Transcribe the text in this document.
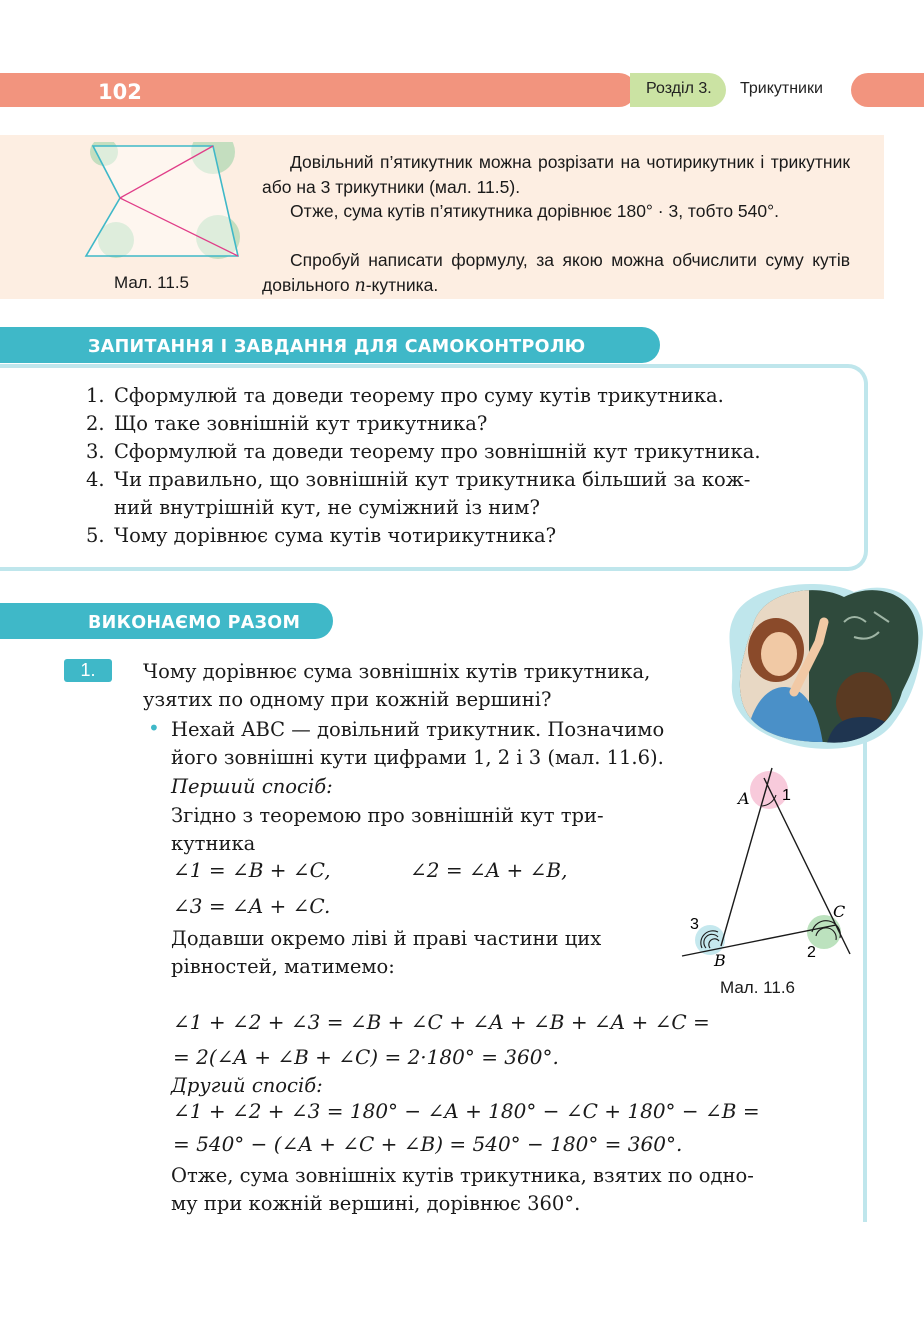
102	Розділ 3. Трикутники
Мал. 11.5

Довільний п’ятикутник можна розрізати на чотирикутник і трикутник або на 3 трикутники (мал. 11.5).

Отже, сума кутів п’ятикутника дорівнює 180° · 3, тобто 540°.

Спробуй написати формулу, за якою можна обчислити суму кутів довільного n-кутника.

ЗАПИТАННЯ І ЗАВДАННЯ ДЛЯ САМОКОНТРОЛЮ
1. Сформулюй та доведи теорему про суму кутів трикутника.
2. Що таке зовнішній кут трикутника?
3. Сформулюй та доведи теорему про зовнішній кут трикутника.
4. Чи правильно, що зовнішній кут трикутника більший за кож-
ний внутрішній кут, не суміжний із ним?
5. Чому дорівнює сума кутів чотирикутника?
ВИКОНАЄМО РАЗОМ
1.	Чому дорівнює сума зовнішніх кутів трикутника,

узятих по одному при кожній вершині?

• Нехай ABC — довільний трикутник. Позначимо

його зовнішні кути цифрами 1, 2 і 3 (мал. 11.6).

Перший спосіб:

Згідно з теоремою про зовнішній кут три-

кутника

∠1 = ∠B + ∠C,	∠2 = ∠A + ∠B,
∠3 = ∠A + ∠C.

Додавши окремо ліві й праві частини цих

рівностей, матимемо:

∠1 + ∠2 + ∠3 = ∠B + ∠C + ∠A + ∠B + ∠A + ∠C =
= 2(∠A + ∠B + ∠C) = 2·180° = 360°.

Другий спосіб:

∠1 + ∠2 + ∠3 = 180° − ∠A + 180° − ∠C + 180° − ∠B =
= 540° − (∠A + ∠C + ∠B) = 540° − 180° = 360°.

Отже, сума зовнішніх кутів трикутника, взятих по одно-

му при кожній вершині, дорівнює 360°.

A 1
C
2
3
B
Мал. 11.6
